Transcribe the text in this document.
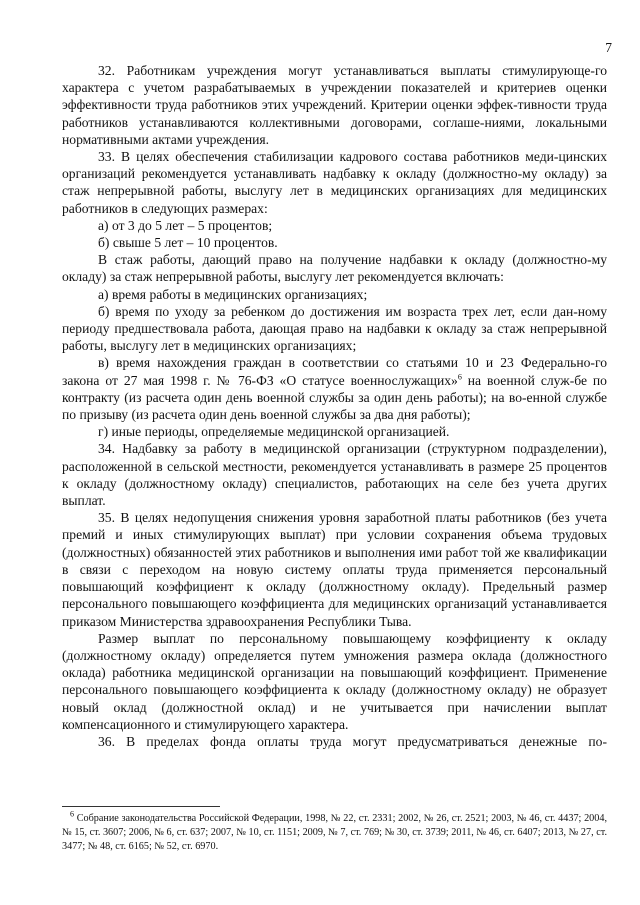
7

32. Работникам учреждения могут устанавливаться выплаты стимулирующе-го характера с учетом разрабатываемых в учреждении показателей и критериев оценки эффективности труда работников этих учреждений. Критерии оценки эффек-тивности труда работников устанавливаются коллективными договорами, соглаше-ниями, локальными нормативными актами учреждения.

33. В целях обеспечения стабилизации кадрового состава работников меди-цинских организаций рекомендуется устанавливать надбавку к окладу (должностно-му окладу) за стаж непрерывной работы, выслугу лет в медицинских организациях для медицинских работников в следующих размерах:

а) от 3 до 5 лет – 5 процентов;

б) свыше 5 лет – 10 процентов.

В стаж работы, дающий право на получение надбавки к окладу (должностно-му окладу) за стаж непрерывной работы, выслугу лет рекомендуется включать:

а) время работы в медицинских организациях;

б) время по уходу за ребенком до достижения им возраста трех лет, если дан-ному периоду предшествовала работа, дающая право на надбавки к окладу за стаж непрерывной работы, выслугу лет в медицинских организациях;

в) время нахождения граждан в соответствии со статьями 10 и 23 Федерально-го закона от 27 мая 1998 г. № 76-ФЗ «О статусе военнослужащих»$^6$ на военной служ-бе по контракту (из расчета один день военной службы за один день работы); на во-енной службе по призыву (из расчета один день военной службы за два дня работы);

г) иные периоды, определяемые медицинской организацией.

34. Надбавку за работу в медицинской организации (структурном подразделении), расположенной в сельской местности, рекомендуется устанавливать в размере 25 процентов к окладу (должностному окладу) специалистов, работающих на селе без учета других выплат.

35. В целях недопущения снижения уровня заработной платы работников (без учета премий и иных стимулирующих выплат) при условии сохранения объема трудовых (должностных) обязанностей этих работников и выполнения ими работ той же квалификации в связи с переходом на новую систему оплаты труда применяется персональный повышающий коэффициент к окладу (должностному окладу). Предельный размер персонального повышающего коэффициента для медицинских организаций устанавливается приказом Министерства здравоохранения Республики Тыва.

Размер выплат по персональному повышающему коэффициенту к окладу (должностному окладу) определяется путем умножения размера оклада (должностного оклада) работника медицинской организации на повышающий коэффициент. Применение персонального повышающего коэффициента к окладу (должностному окладу) не образует новый оклад (должностной оклад) и не учитывается при начислении выплат компенсационного и стимулирующего характера.

36. В пределах фонда оплаты труда могут предусматриваться денежные по-

$^6$ Собрание законодательства Российской Федерации, 1998, № 22, ст. 2331; 2002, № 26, ст. 2521; 2003, № 46, ст. 4437; 2004, № 15, ст. 3607; 2006, № 6, ст. 637; 2007, № 10, ст. 1151; 2009, № 7, ст. 769; № 30, ст. 3739; 2011, № 46, ст. 6407; 2013, № 27, ст. 3477; № 48, ст. 6165; № 52, ст. 6970.
